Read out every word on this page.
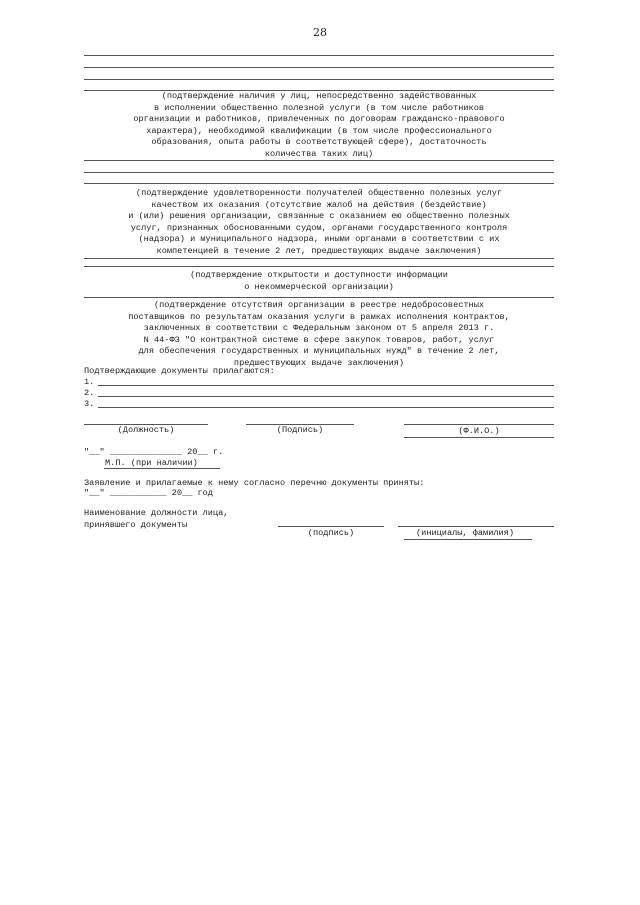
28
(подтверждение наличия у лиц, непосредственно задействованных
в исполнении общественно полезной услуги (в том числе работников
организации и работников, привлеченных по договорам гражданско-правового
характера), необходимой квалификации (в том числе профессионального
образования, опыта работы в соответствующей сфере), достаточность
количества таких лиц)
(подтверждение удовлетворенности получателей общественно полезных услуг
качеством их оказания (отсутствие жалоб на действия (бездействие)
и (или) решения организации, связанные с оказанием ею общественно полезных
услуг, признанных обоснованными судом, органами государственного контроля
(надзора) и муниципального надзора, иными органами в соответствии с их
компетенцией в течение 2 лет, предшествующих выдаче заключения)
(подтверждение открытости и доступности информации
о некоммерческой организации)
(подтверждение отсутствия организации в реестре недобросовестных
поставщиков по результатам оказания услуги в рамках исполнения контрактов,
заключенных в соответствии с Федеральным законом от 5 апреля 2013 г.
N 44-ФЗ "О контрактной системе в сфере закупок товаров, работ, услуг
для обеспечения государственных и муниципальных нужд" в течение 2 лет,
предшествующих выдаче заключения)
Подтверждающие документы прилагаются:
1.
2.
3.
(Должность)	(Подпись)	(Ф.И.О.)
"__" ______________ 20__ г.
М.П. (при наличии)
Заявление и прилагаемые к нему согласно перечню документы приняты:
"__" ___________ 20__ год
Наименование должности лица,
принявшего документы
(подпись)	(инициалы, фамилия)
